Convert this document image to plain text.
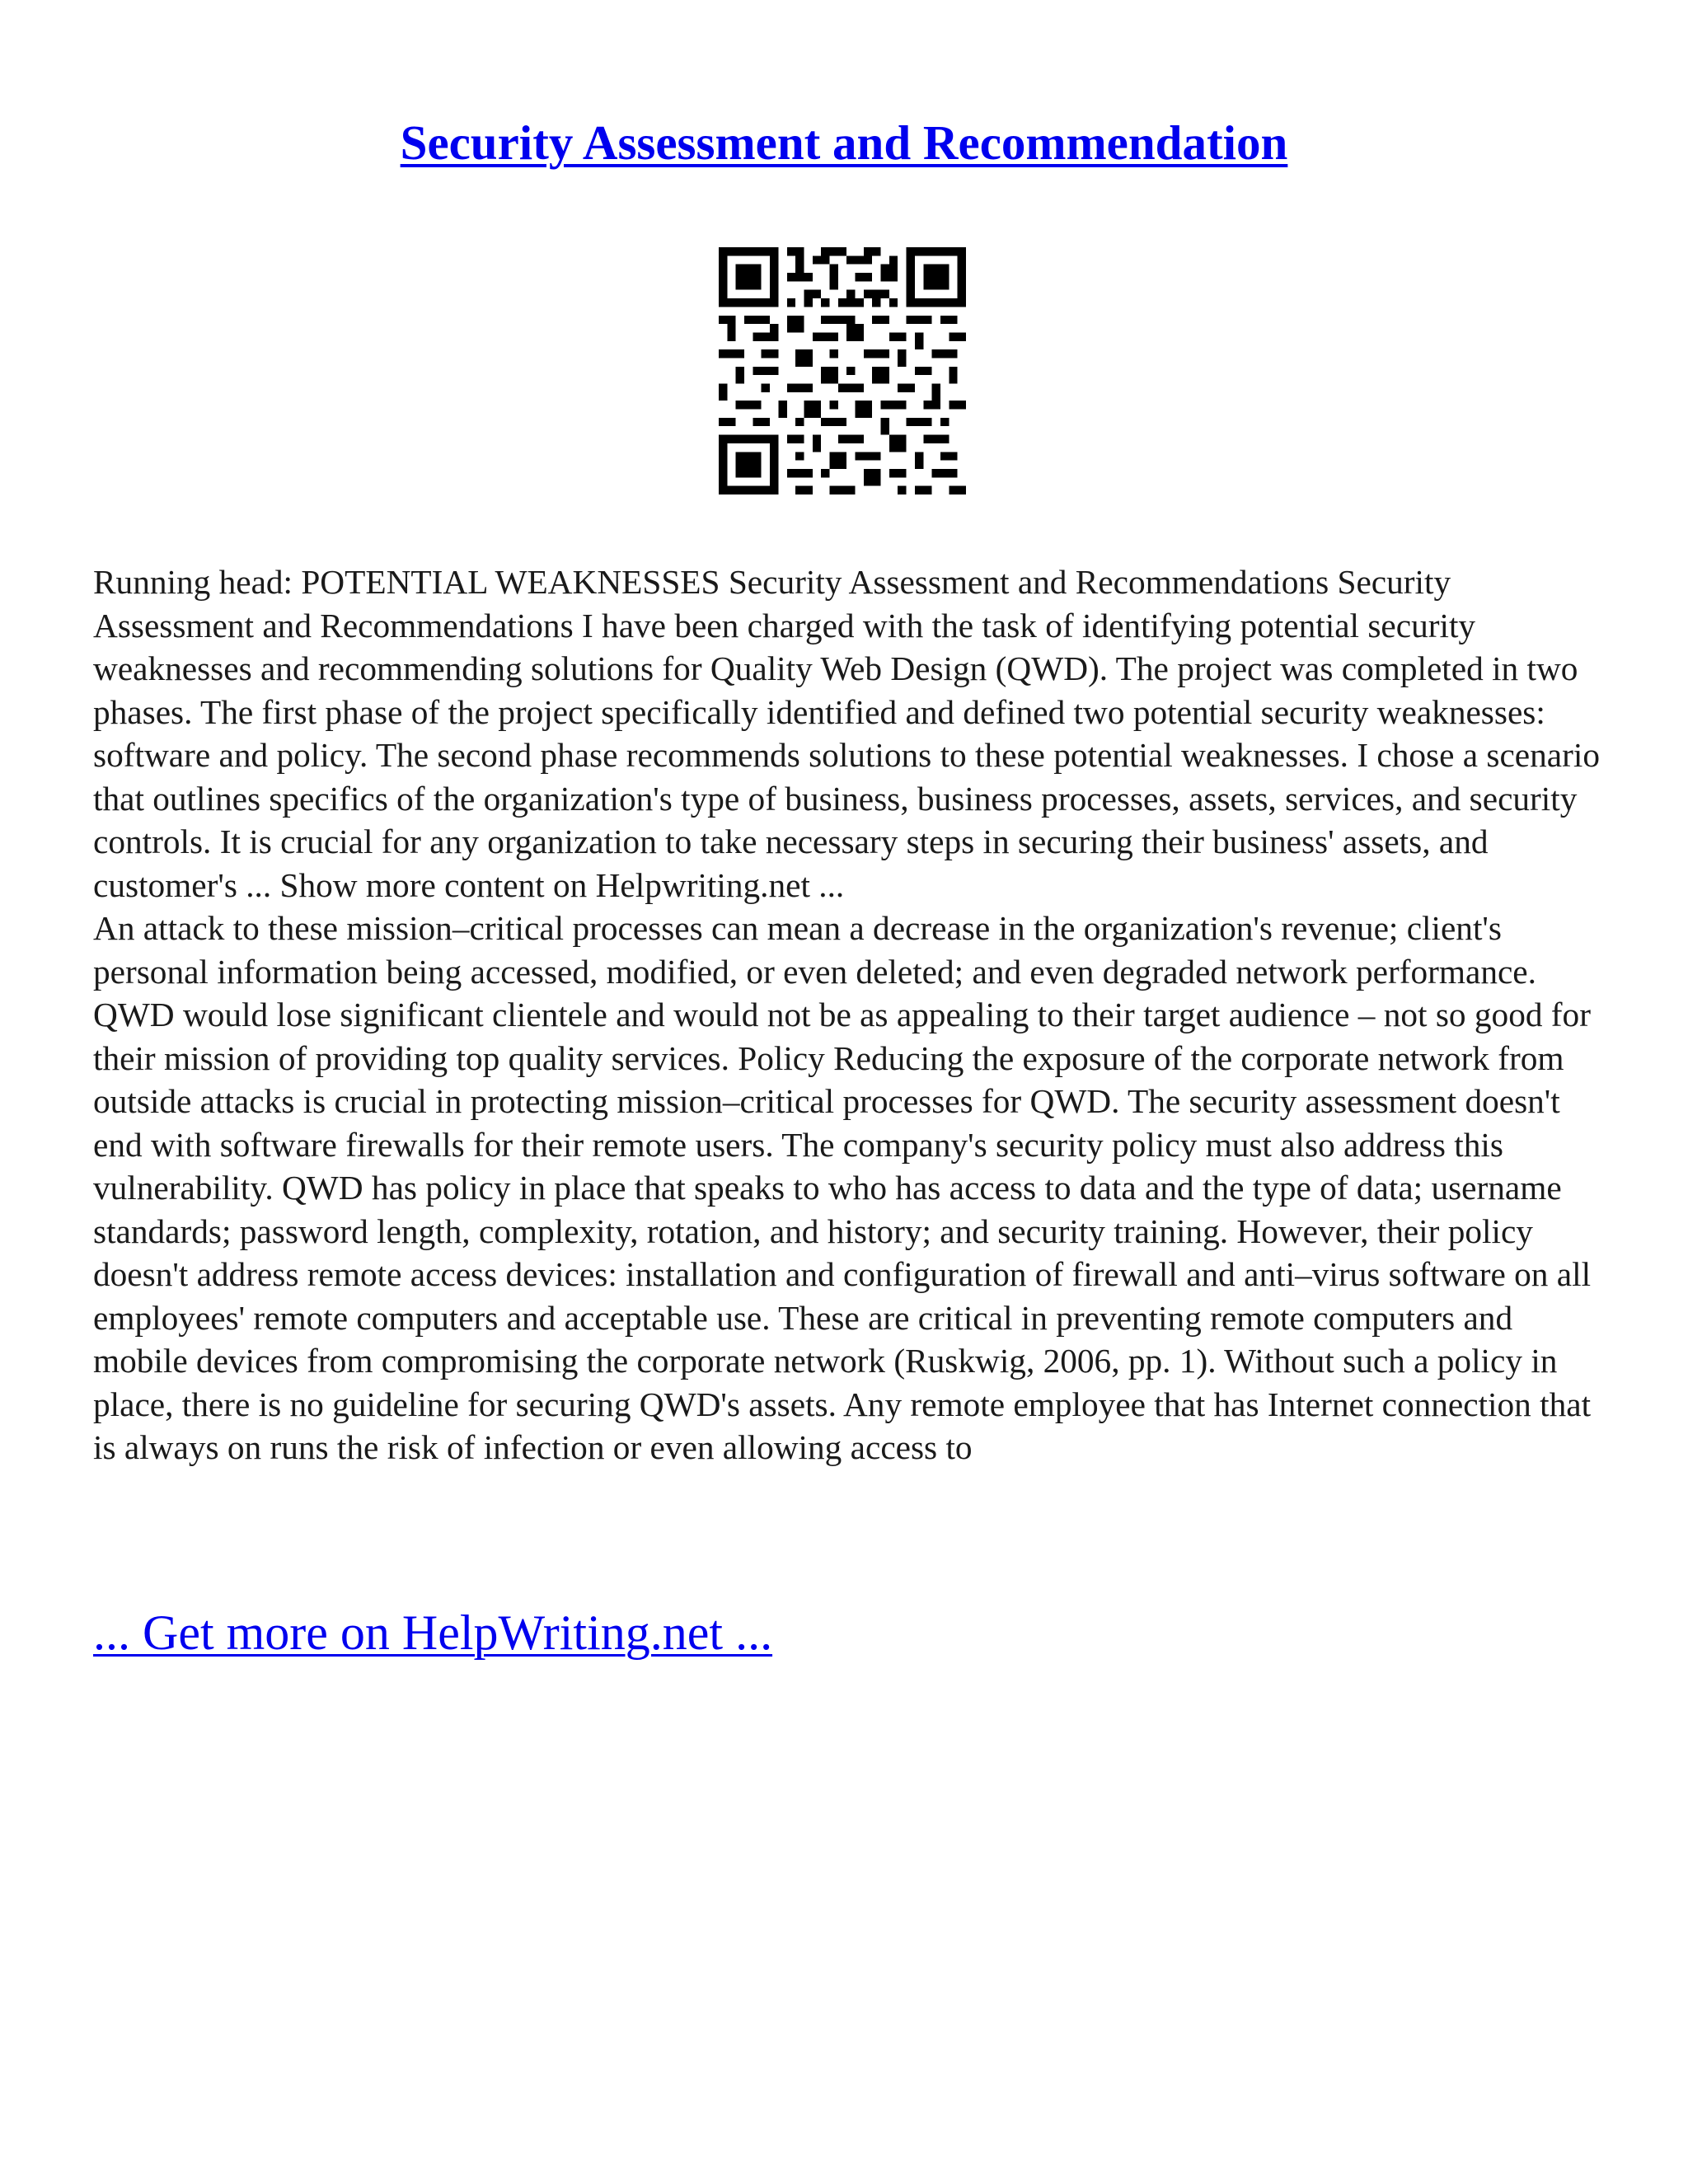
Security Assessment and Recommendation

Running head: POTENTIAL WEAKNESSES Security Assessment and Recommendations Security Assessment and Recommendations I have been charged with the task of identifying potential security weaknesses and recommending solutions for Quality Web Design (QWD). The project was completed in two phases. The first phase of the project specifically identified and defined two potential security weaknesses: software and policy. The second phase recommends solutions to these potential weaknesses. I chose a scenario that outlines specifics of the organization's type of business, business processes, assets, services, and security controls. It is crucial for any organization to take necessary steps in securing their business' assets, and customer's ... Show more content on Helpwriting.net ...

An attack to these mission–critical processes can mean a decrease in the organization's revenue; client's personal information being accessed, modified, or even deleted; and even degraded network performance. QWD would lose significant clientele and would not be as appealing to their target audience – not so good for their mission of providing top quality services. Policy Reducing the exposure of the corporate network from outside attacks is crucial in protecting mission–critical processes for QWD. The security assessment doesn't end with software firewalls for their remote users. The company's security policy must also address this vulnerability. QWD has policy in place that speaks to who has access to data and the type of data; username standards; password length, complexity, rotation, and history; and security training. However, their policy doesn't address remote access devices: installation and configuration of firewall and anti–virus software on all employees' remote computers and acceptable use. These are critical in preventing remote computers and mobile devices from compromising the corporate network (Ruskwig, 2006, pp. 1). Without such a policy in place, there is no guideline for securing QWD's assets. Any remote employee that has Internet connection that is always on runs the risk of infection or even allowing access to

... Get more on HelpWriting.net ...
